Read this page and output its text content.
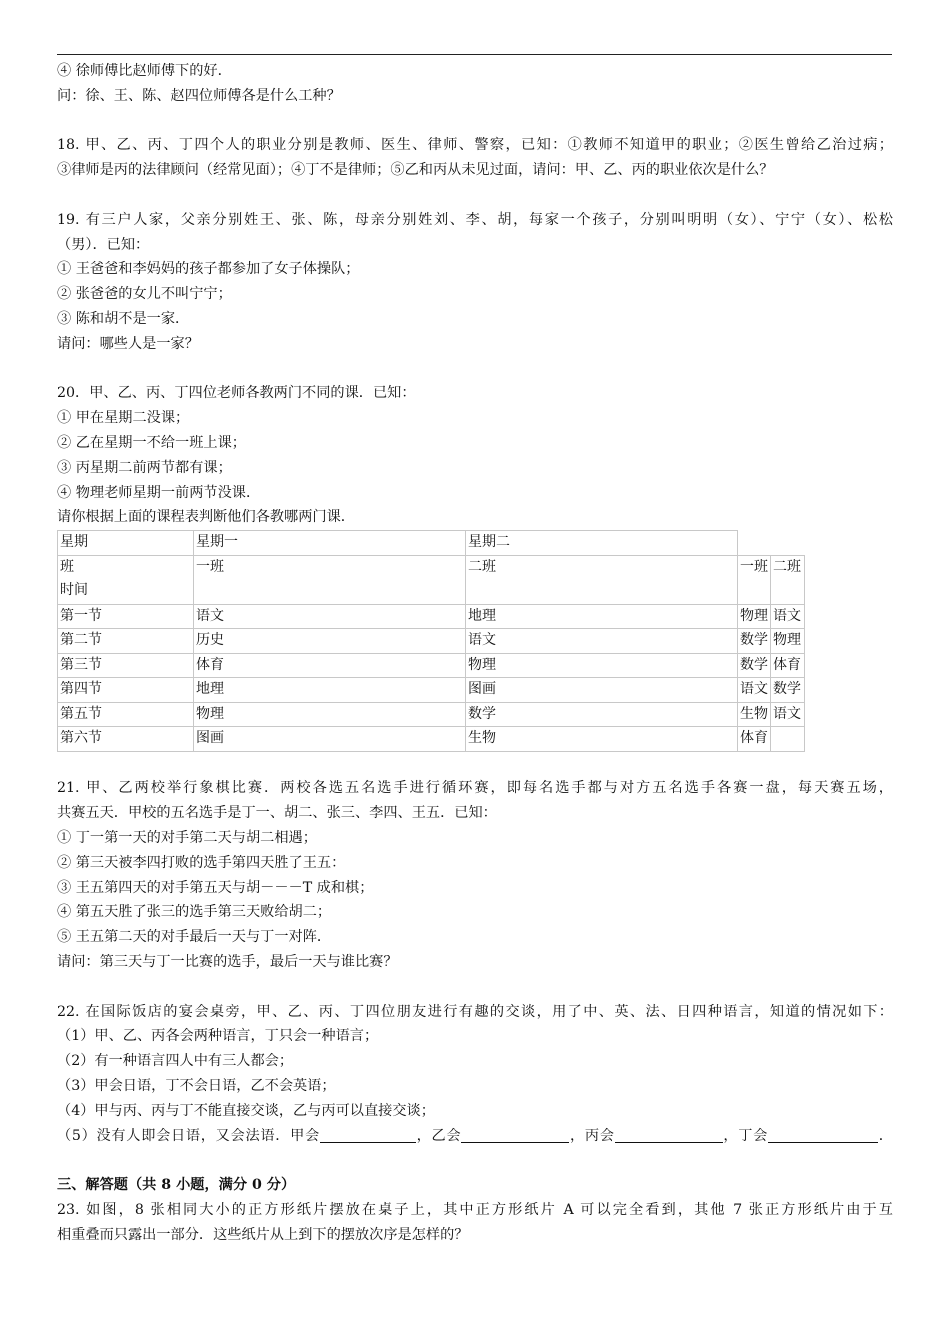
④ 徐师傅比赵师傅下的好．
问：徐、王、陈、赵四位师傅各是什么工种？
18. 甲、乙、丙、丁四个人的职业分别是教师、医生、律师、警察，已知：①教师不知道甲的职业；②医生曾给乙治过病；
③律师是丙的法律顾问（经常见面）；④丁不是律师；⑤乙和丙从未见过面，请问：甲、乙、丙的职业依次是什么？
19. 有三户人家，父亲分别姓王、张、陈，母亲分别姓刘、李、胡，每家一个孩子，分别叫明明（女）、宁宁（女）、松松
（男）．已知：
① 王爸爸和李妈妈的孩子都参加了女子体操队；
② 张爸爸的女儿不叫宁宁；
③ 陈和胡不是一家．
请问：哪些人是一家？
20．甲、乙、丙、丁四位老师各教两门不同的课．已知：
① 甲在星期二没课；
② 乙在星期一不给一班上课；
③ 丙星期二前两节都有课；
④ 物理老师星期一前两节没课．
请你根据上面的课程表判断他们各教哪两门课．
星期	星期一	星期二		

班
时间	一班	二班	一班	二班
第一节	语文	地理	物理	语文
第二节	历史	语文	数学	物理
第三节	体育	物理	数学	体育
第四节	地理	图画	语文	数学
第五节	物理	数学	生物	语文
第六节	图画	生物	体育	
21. 甲、乙两校举行象棋比赛．两校各选五名选手进行循环赛，即每名选手都与对方五名选手各赛一盘，每天赛五场，
共赛五天．甲校的五名选手是丁一、胡二、张三、李四、王五．已知：
① 丁一第一天的对手第二天与胡二相遇；
② 第三天被李四打败的选手第四天胜了王五：
③ 王五第四天的对手第五天与胡－－－T 成和棋；
④ 第五天胜了张三的选手第三天败给胡二；
⑤ 王五第二天的对手最后一天与丁一对阵．
请问：第三天与丁一比赛的选手，最后一天与谁比赛？
22. 在国际饭店的宴会桌旁，甲、乙、丙、丁四位朋友进行有趣的交谈，用了中、英、法、日四种语言，知道的情况如下：
（1）甲、乙、丙各会两种语言，丁只会一种语言；
（2）有一种语言四人中有三人都会；
（3）甲会日语，丁不会日语，乙不会英语；
（4）甲与丙、丙与丁不能直接交谈，乙与丙可以直接交谈；
（5）没有人即会日语，又会法语．甲会	，乙会	，丙会	，丁会	．
三、解答题（共 8 小题，满分 0 分）
23. 如图，8 张相同大小的正方形纸片摆放在桌子上，其中正方形纸片 A 可以完全看到，其他 7 张正方形纸片由于互
相重叠而只露出一部分．这些纸片从上到下的摆放次序是怎样的？
